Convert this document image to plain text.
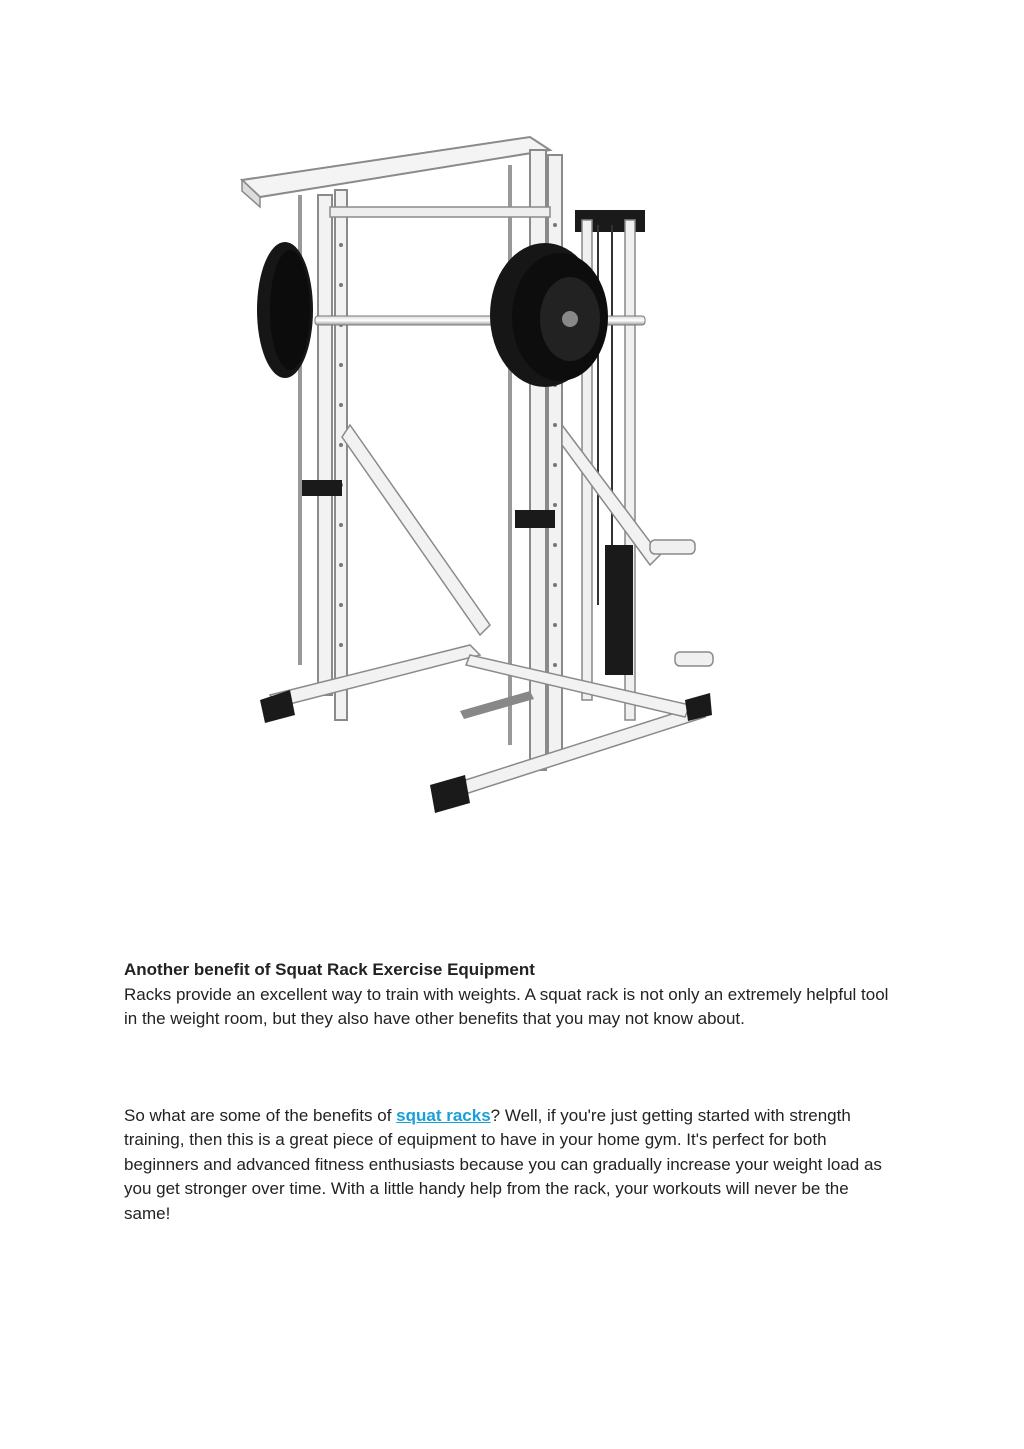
Another benefit of Squat Rack Exercise Equipment

Racks provide an excellent way to train with weights. A squat rack is not only an extremely helpful tool in the weight room, but they also have other benefits that you may not know about.

So what are some of the benefits of squat racks? Well, if you're just getting started with strength training, then this is a great piece of equipment to have in your home gym. It's perfect for both beginners and advanced fitness enthusiasts because you can gradually increase your weight load as you get stronger over time. With a little handy help from the rack, your workouts will never be the same!
